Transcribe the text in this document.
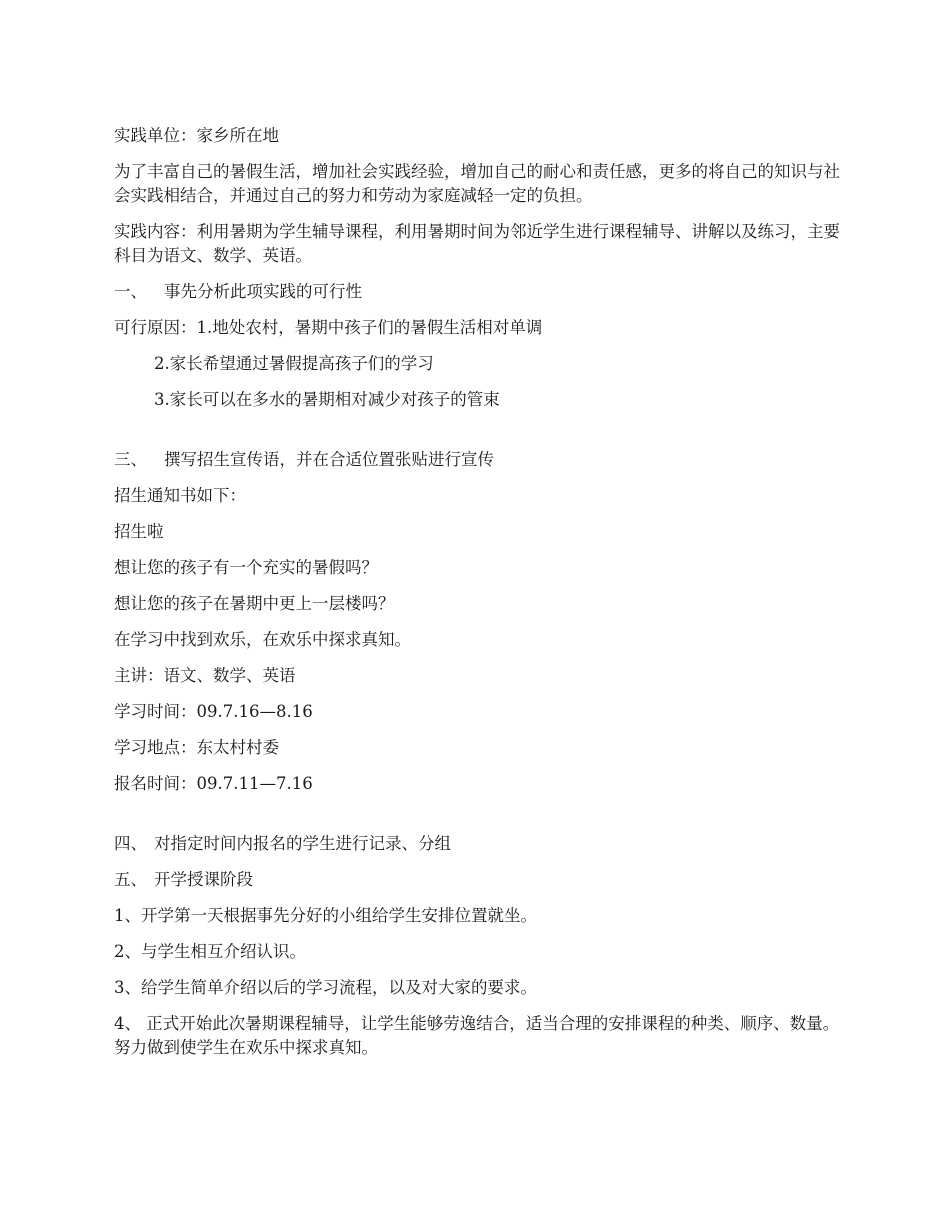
实践单位：家乡所在地

为了丰富自己的暑假生活，增加社会实践经验，增加自己的耐心和责任感，更多的将自己的知识与社会实践相结合，并通过自己的努力和劳动为家庭减轻一定的负担。

实践内容：利用暑期为学生辅导课程，利用暑期时间为邻近学生进行课程辅导、讲解以及练习，主要科目为语文、数学、英语。

一、 事先分析此项实践的可行性

可行原因：1.地处农村，暑期中孩子们的暑假生活相对单调

2.家长希望通过暑假提高孩子们的学习

3.家长可以在多水的暑期相对减少对孩子的管束

三、 撰写招生宣传语，并在合适位置张贴进行宣传

招生通知书如下：

招生啦

想让您的孩子有一个充实的暑假吗？

想让您的孩子在暑期中更上一层楼吗？

在学习中找到欢乐，在欢乐中探求真知。

主讲：语文、数学、英语

学习时间：09.7.16—8.16

学习地点：东太村村委

报名时间：09.7.11—7.16

四、 对指定时间内报名的学生进行记录、分组

五、 开学授课阶段

1、开学第一天根据事先分好的小组给学生安排位置就坐。

2、与学生相互介绍认识。

3、给学生简单介绍以后的学习流程，以及对大家的要求。

4、 正式开始此次暑期课程辅导，让学生能够劳逸结合，适当合理的安排课程的种类、顺序、数量。努力做到使学生在欢乐中探求真知。
